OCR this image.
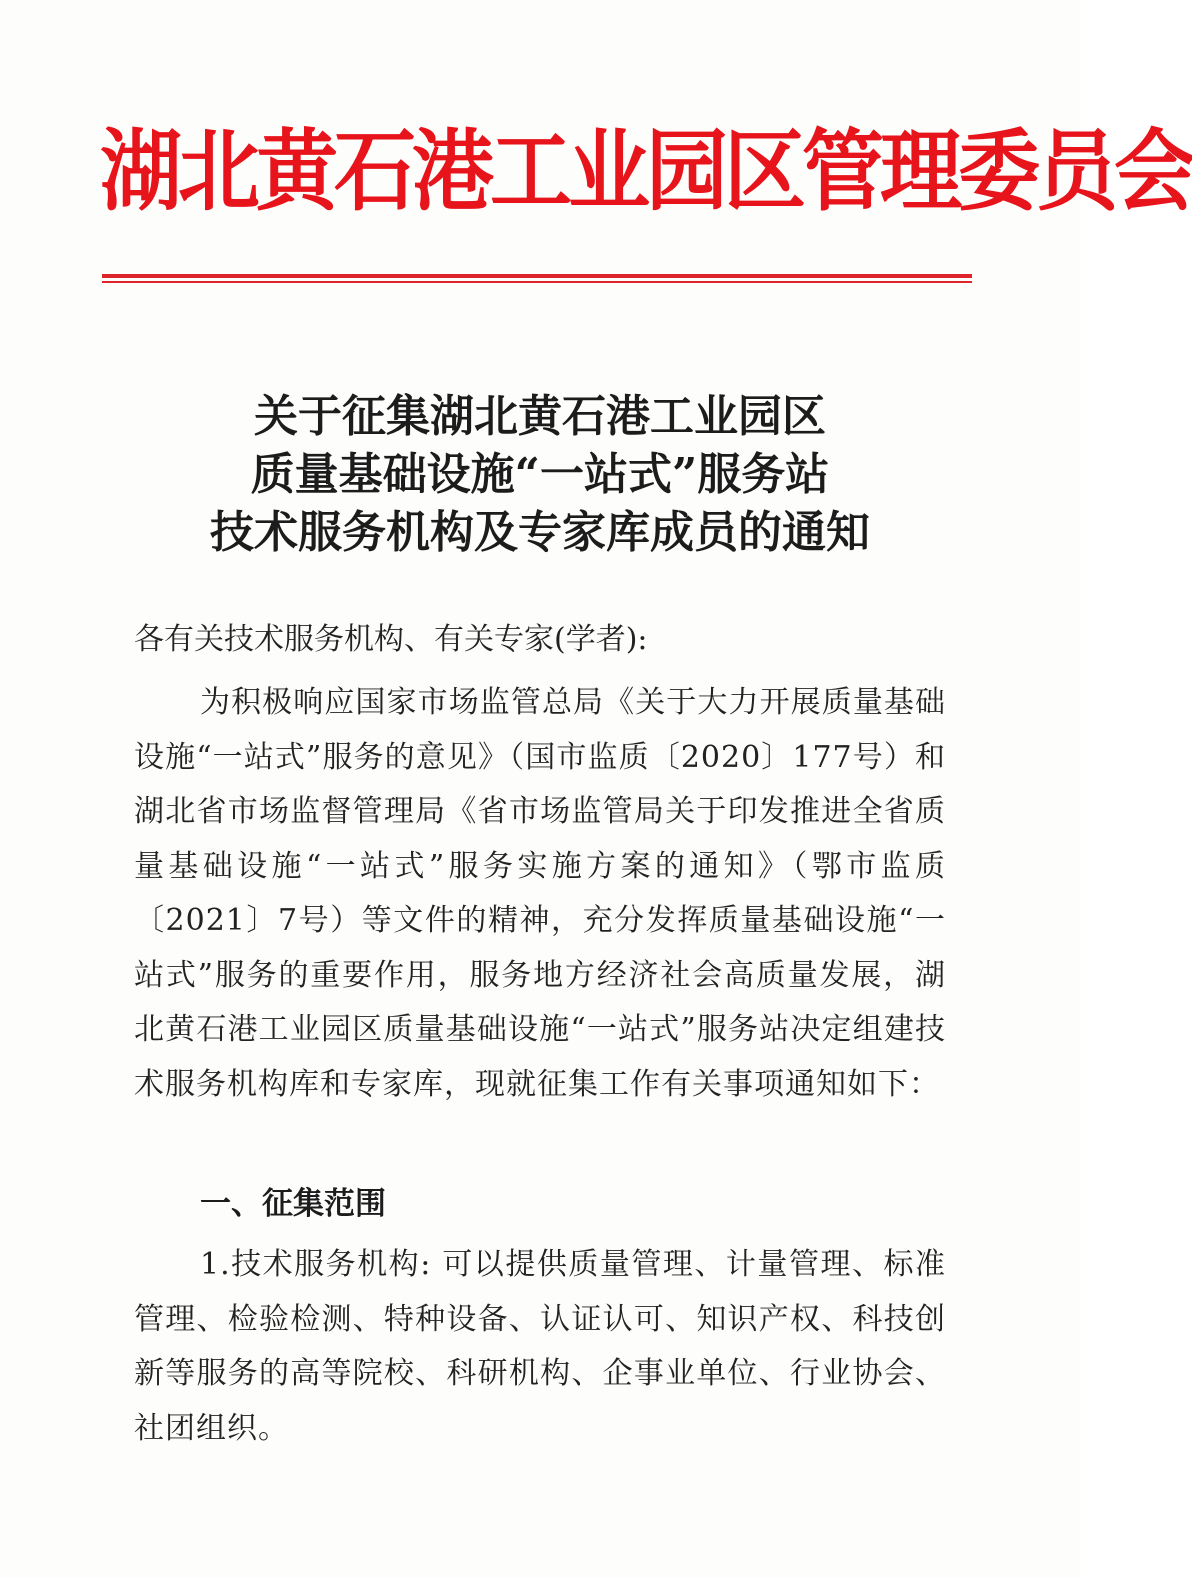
湖北黄石港工业园区管理委员会
关于征集湖北黄石港工业园区
质量基础设施“一站式”服务站
技术服务机构及专家库成员的通知
各有关技术服务机构、有关专家(学者):
为积极响应国家市场监管总局《关于大力开展质量基础设施“一站式”服务的意见》（国市监质〔2020〕177号）和湖北省市场监督管理局《省市场监管局关于印发推进全省质量基础设施“一站式”服务实施方案的通知》（鄂市监质〔2021〕7号）等文件的精神，充分发挥质量基础设施“一站式”服务的重要作用，服务地方经济社会高质量发展，湖北黄石港工业园区质量基础设施“一站式”服务站决定组建技术服务机构库和专家库，现就征集工作有关事项通知如下：
一、征集范围
1.技术服务机构: 可以提供质量管理、计量管理、标准管理、检验检测、特种设备、认证认可、知识产权、科技创新等服务的高等院校、科研机构、企事业单位、行业协会、社团组织。
